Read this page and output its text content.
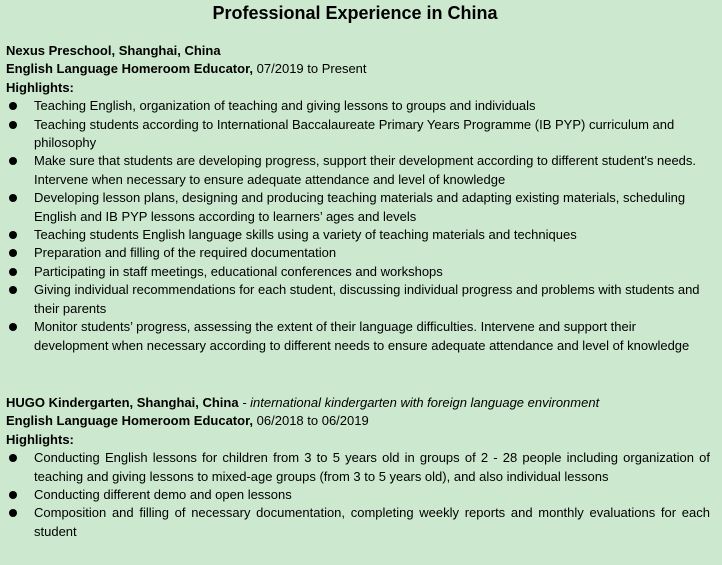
Professional Experience in China
Nexus Preschool, Shanghai, China
English Language Homeroom Educator, 07/2019 to Present
Highlights:
Teaching English, organization of teaching and giving lessons to groups and individuals
Teaching students according to International Baccalaureate Primary Years Programme (IB PYP) curriculum and philosophy
Make sure that students are developing progress, support their development according to different student's needs. Intervene when necessary to ensure adequate attendance and level of knowledge
Developing lesson plans, designing and producing teaching materials and adapting existing materials, scheduling English and IB PYP lessons according to learners’ ages and levels
Teaching students English language skills using a variety of teaching materials and techniques
Preparation and filling of the required documentation
Participating in staff meetings, educational conferences and workshops
Giving individual recommendations for each student, discussing individual progress and problems with students and their parents
Monitor students’ progress, assessing the extent of their language difficulties. Intervene and support their development when necessary according to different needs to ensure adequate attendance and level of knowledge
HUGO Kindergarten, Shanghai, China - international kindergarten with foreign language environment
English Language Homeroom Educator, 06/2018 to 06/2019
Highlights:
Conducting English lessons for children from 3 to 5 years old in groups of 2 - 28 people including organization of teaching and giving lessons to mixed-age groups (from 3 to 5 years old), and also individual lessons
Conducting different demo and open lessons
Composition and filling of necessary documentation, completing weekly reports and monthly evaluations for each student
